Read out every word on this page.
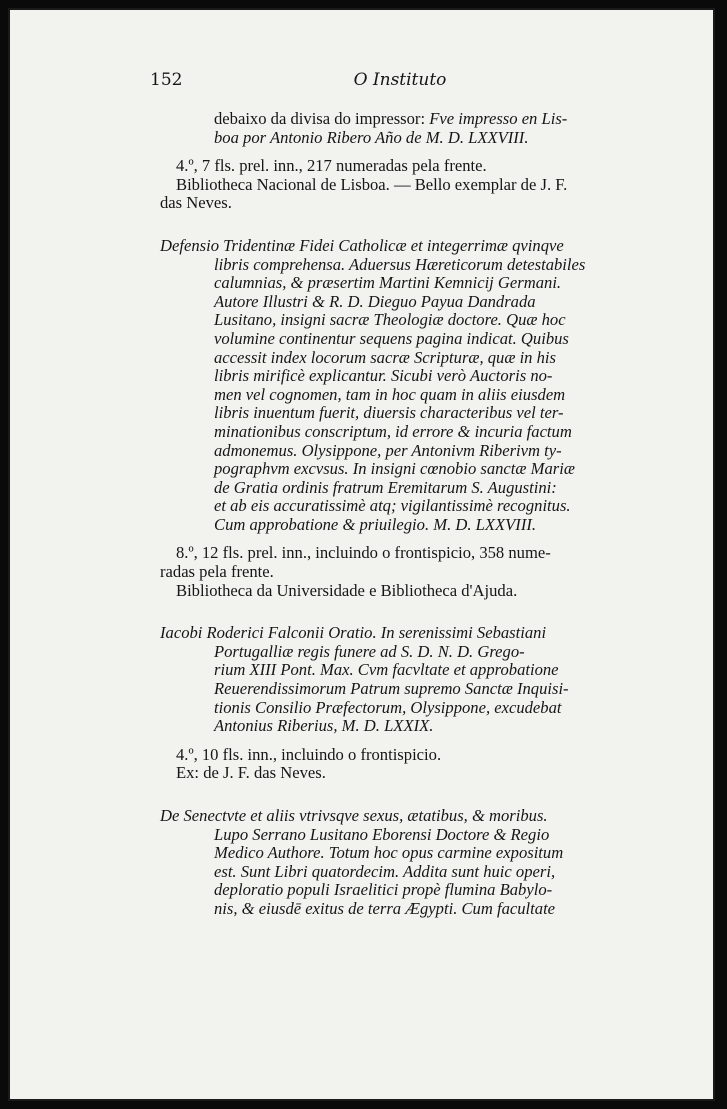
152	O Instituto
debaixo da divisa do impressor: Fve impresso en Lis-
boa por Antonio Ribero Año de M. D. LXXVIII.
4.º, 7 fls. prel. inn., 217 numeradas pela frente.
Bibliotheca Nacional de Lisboa. — Bello exemplar de J. F.
das Neves.
Defensio Tridentinæ Fidei Catholicæ et integerrimæ qvinqve
libris comprehensa. Aduersus Hæreticorum detestabiles
calumnias, & præsertim Martini Kemnicij Germani.
Autore Illustri & R. D. Dieguo Payua Dandrada
Lusitano, insigni sacræ Theologiæ doctore. Quæ hoc
volumine continentur sequens pagina indicat. Quibus
accessit index locorum sacræ Scripturæ, quæ in his
libris mirificè explicantur. Sicubi verò Auctoris no-
men vel cognomen, tam in hoc quam in aliis eiusdem
libris inuentum fuerit, diuersis characteribus vel ter-
minationibus conscriptum, id errore & incuria factum
admonemus. Olysippone, per Antonivm Riberivm ty-
pographvm excvsus. In insigni cœnobio sanctæ Mariæ
de Gratia ordinis fratrum Eremitarum S. Augustini:
et ab eis accuratissimè atq; vigilantissimè recognitus.
Cum approbatione & priuilegio. M. D. LXXVIII.
8.º, 12 fls. prel. inn., incluindo o frontispicio, 358 nume-
radas pela frente.
Bibliotheca da Universidade e Bibliotheca d'Ajuda.
Iacobi Roderici Falconii Oratio. In serenissimi Sebastiani
Portugalliæ regis funere ad S. D. N. D. Grego-
rium XIII Pont. Max. Cvm facvltate et approbatione
Reuerendissimorum Patrum supremo Sanctæ Inquisi-
tionis Consilio Præfectorum, Olysippone, excudebat
Antonius Riberius, M. D. LXXIX.
4.º, 10 fls. inn., incluindo o frontispicio.
Ex: de J. F. das Neves.
De Senectvte et aliis vtrivsqve sexus, ætatibus, & moribus.
Lupo Serrano Lusitano Eborensi Doctore & Regio
Medico Authore. Totum hoc opus carmine expositum
est. Sunt Libri quatordecim. Addita sunt huic operi,
deploratio populi Israelitici propè flumina Babylo-
nis, & eiusdē exitus de terra Ægypti. Cum facultate
